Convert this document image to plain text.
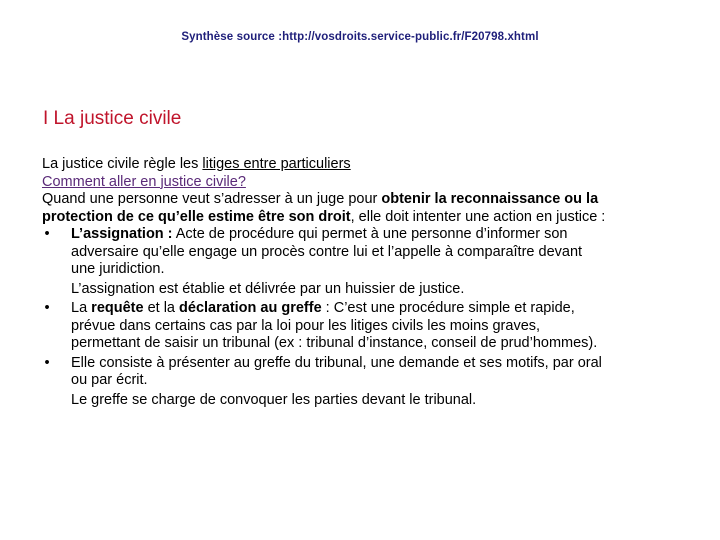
Synthèse source :http://vosdroits.service-public.fr/F20798.xhtml
I La justice civile
La justice civile règle les litiges entre particuliers
Comment aller en justice civile?
Quand une personne veut s’adresser à un juge pour obtenir la reconnaissance ou la
protection de ce qu’elle estime être son droit, elle doit intenter une action en justice :
• L’assignation : Acte de procédure qui permet à une personne d’informer son
adversaire qu’elle engage un procès contre lui et l’appelle à comparaître devant
une juridiction.
L’assignation est établie et délivrée par un huissier de justice.
• La requête et la déclaration au greffe : C’est une procédure simple et rapide,
prévue dans certains cas par la loi pour les litiges civils les moins graves,
permettant de saisir un tribunal (ex : tribunal d’instance, conseil de prud’hommes).
• Elle consiste à présenter au greffe du tribunal, une demande et ses motifs, par oral
ou par écrit.
Le greffe se charge de convoquer les parties devant le tribunal.
